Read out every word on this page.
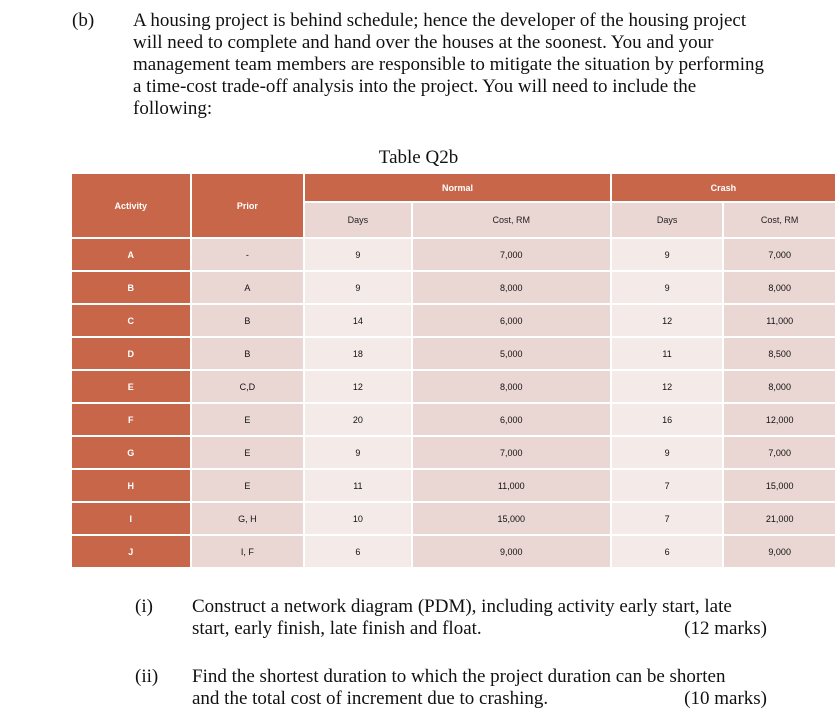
(b) A housing project is behind schedule; hence the developer of the housing project will need to complete and hand over the houses at the soonest. You and your management team members are responsible to mitigate the situation by performing a time-cost trade-off analysis into the project. You will need to include the following:
Table Q2b
Activity	Prior	Normal		Crash	
		Days	Cost, RM	Days	Cost, RM
A	-	9	7,000	9	7,000
B	A	9	8,000	9	8,000
C	B	14	6,000	12	11,000
D	B	18	5,000	11	8,500
E	C,D	12	8,000	12	8,000
F	E	20	6,000	16	12,000
G	E	9	7,000	9	7,000
H	E	11	11,000	7	15,000
I	G, H	10	15,000	7	21,000
J	I, F	6	9,000	6	9,000
(i) Construct a network diagram (PDM), including activity early start, late
start, early finish, late finish and float.	(12 marks)
(ii) Find the shortest duration to which the project duration can be shorten
and the total cost of increment due to crashing.	(10 marks)
